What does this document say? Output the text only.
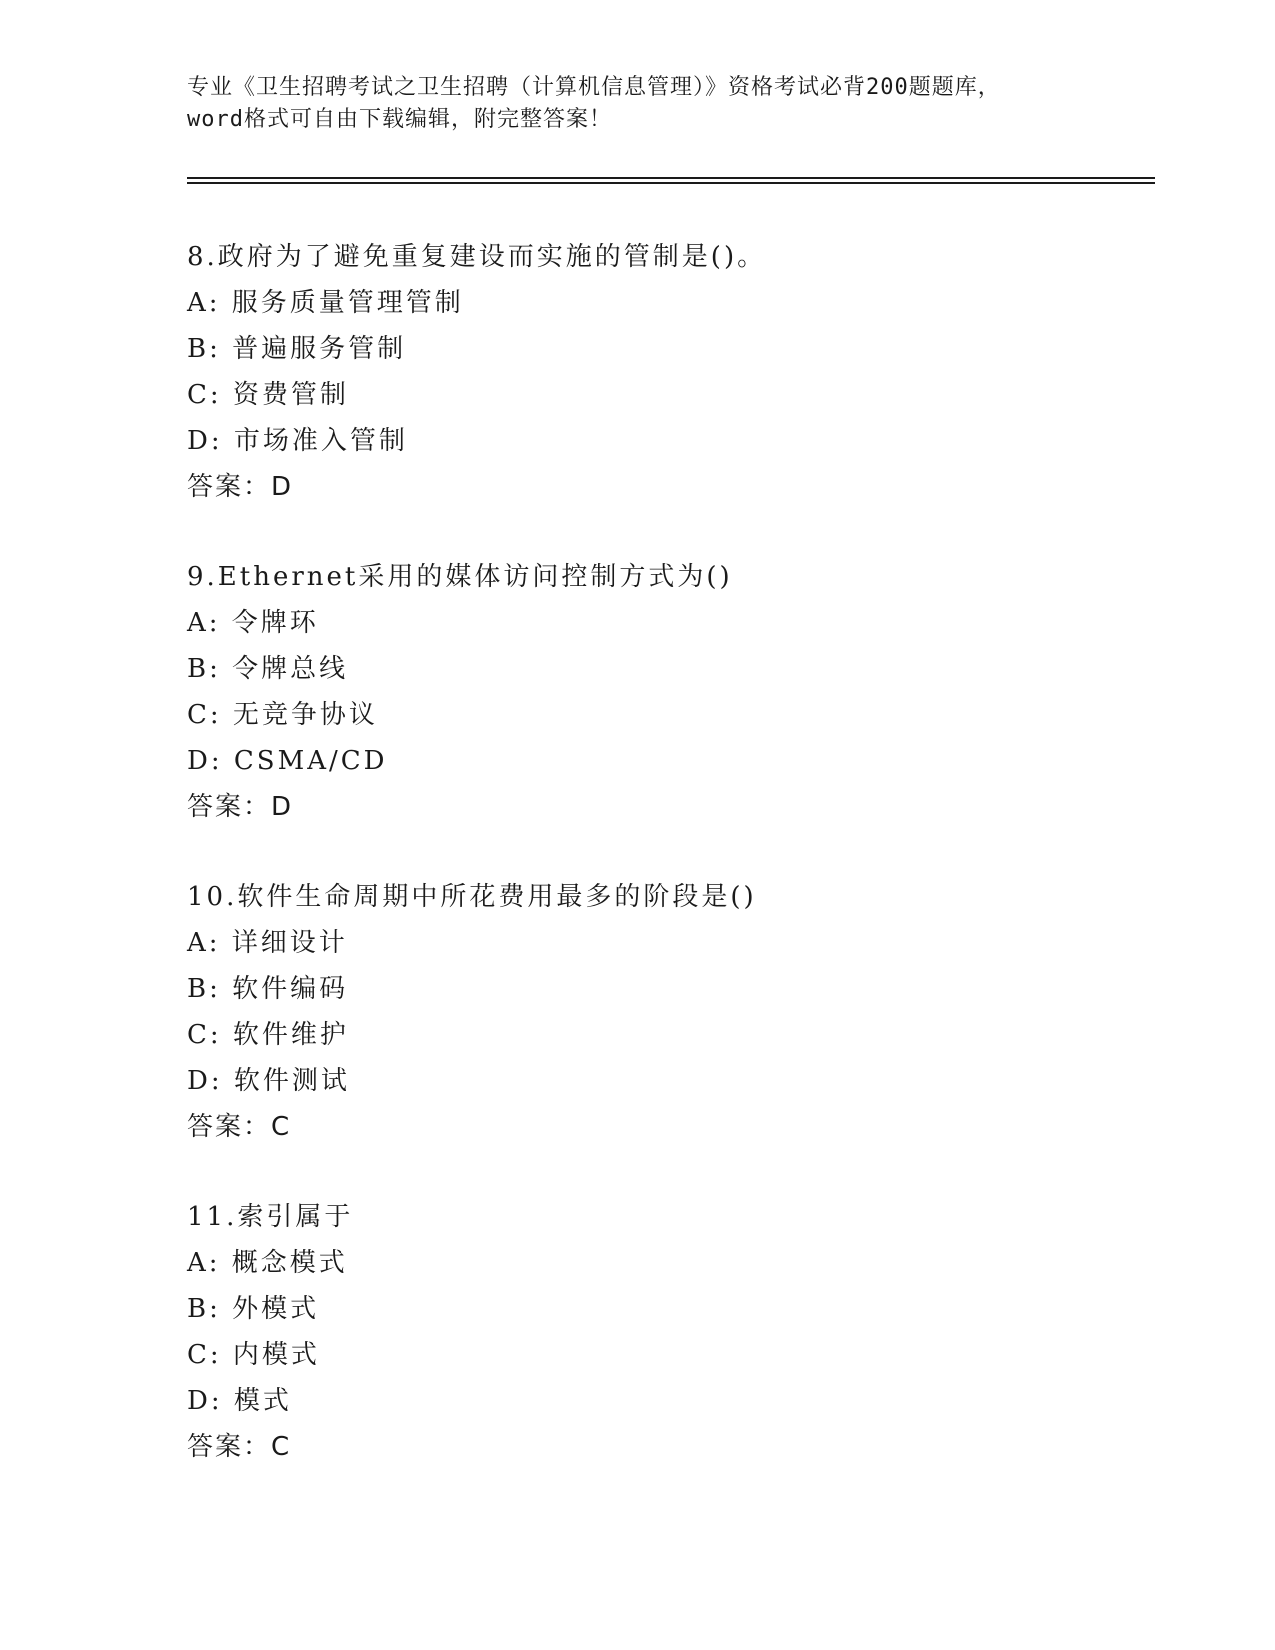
专业《卫生招聘考试之卫生招聘（计算机信息管理）》资格考试必背200题题库，
word格式可自由下载编辑，附完整答案！
8.政府为了避免重复建设而实施的管制是()。
A: 服务质量管理管制
B: 普遍服务管制
C: 资费管制
D: 市场准入管制
答案：D
9.Ethernet采用的媒体访问控制方式为()
A: 令牌环
B: 令牌总线
C: 无竞争协议
D: CSMA/CD
答案：D
10.软件生命周期中所花费用最多的阶段是()
A: 详细设计
B: 软件编码
C: 软件维护
D: 软件测试
答案：C
11.索引属于
A: 概念模式
B: 外模式
C: 内模式
D: 模式
答案：C
